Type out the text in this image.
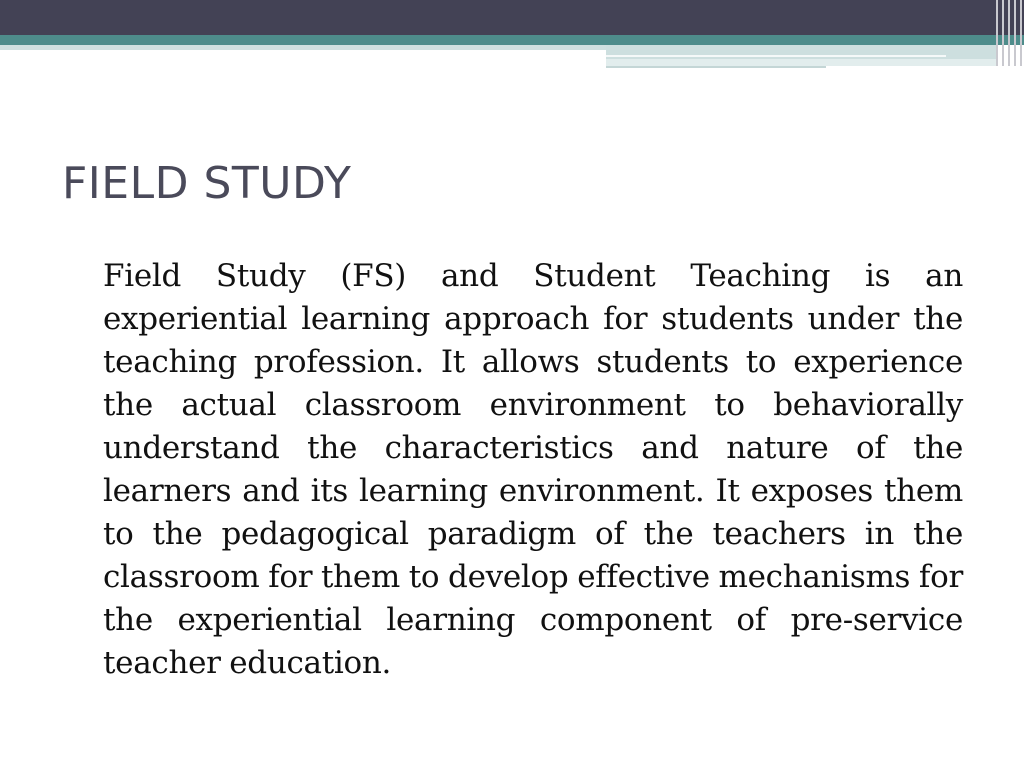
FIELD STUDY
Field Study (FS) and Student Teaching is an experiential learning approach for students under the teaching profession. It allows students to experience the actual classroom environment to behaviorally understand the characteristics and nature of the learners and its learning environment. It exposes them to the pedagogical paradigm of the teachers in the classroom for them to develop effective mechanisms for the experiential learning component of pre-service teacher education.
